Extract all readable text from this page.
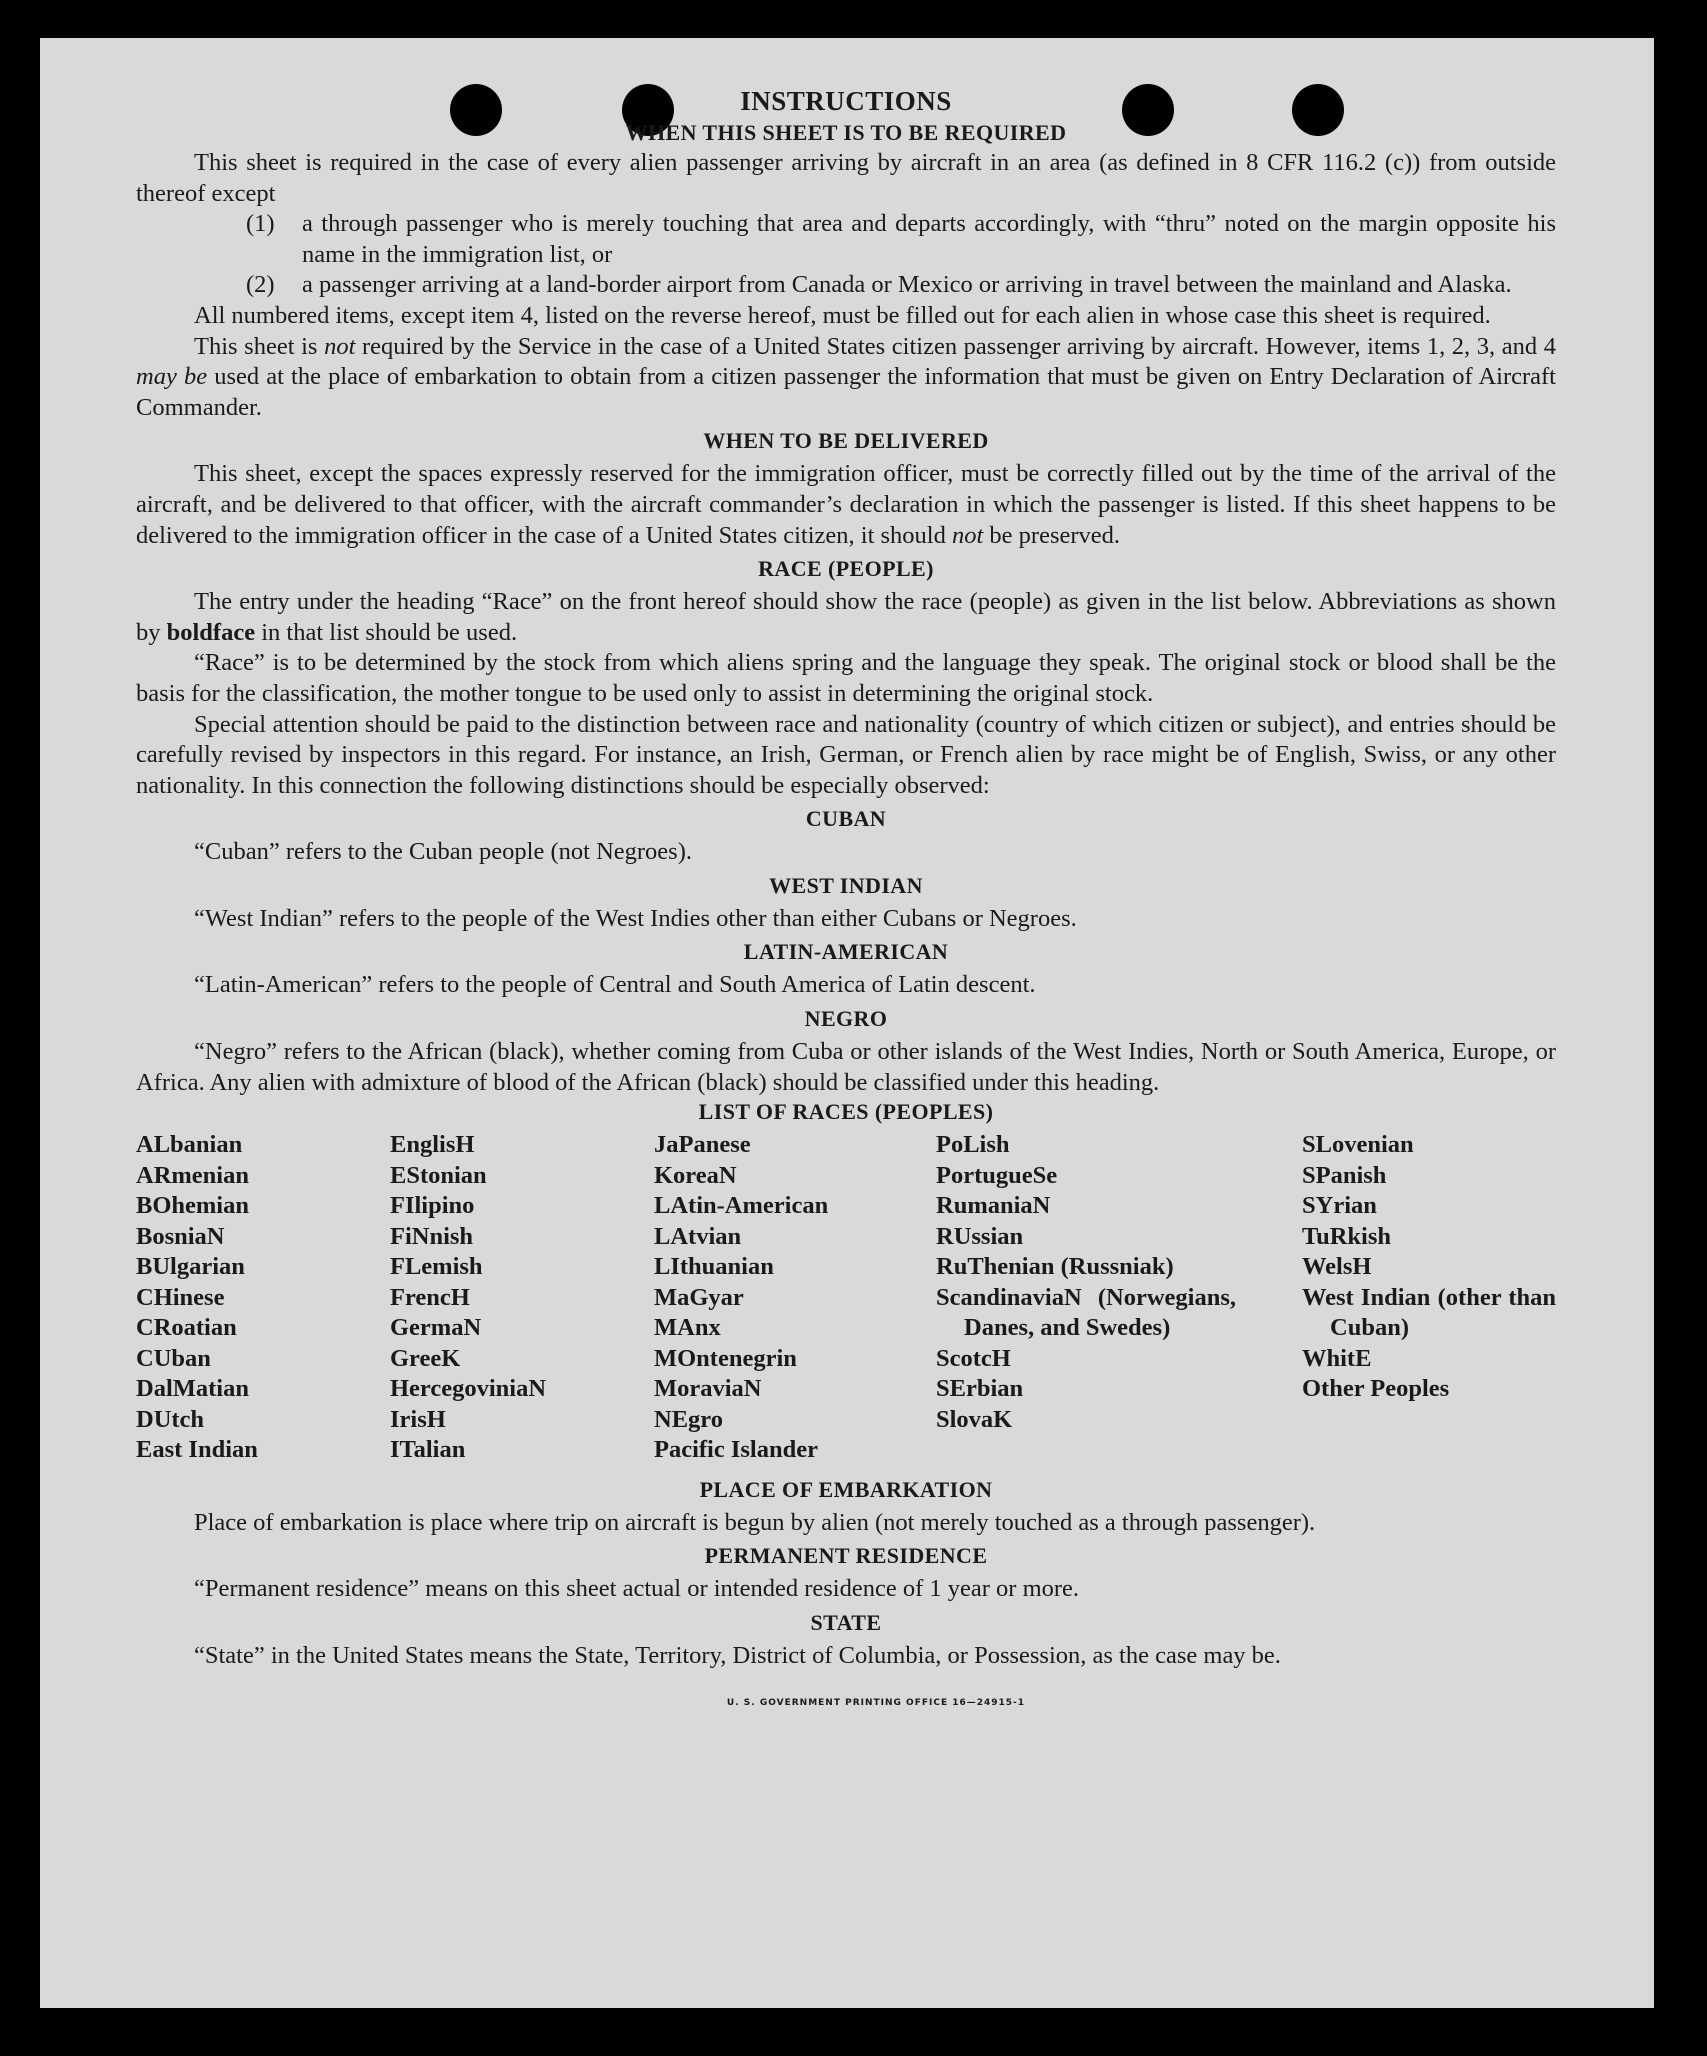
INSTRUCTIONS
WHEN THIS SHEET IS TO BE REQUIRED

This sheet is required in the case of every alien passenger arriving by aircraft in an area (as defined in 8 CFR 116.2 (c)) from outside thereof except

(1)	a through passenger who is merely touching that area and departs accordingly, with “thru” noted on the margin opposite his name in the immigration list, or
(2)	a passenger arriving at a land-border airport from Canada or Mexico or arriving in travel between the mainland and Alaska.

All numbered items, except item 4, listed on the reverse hereof, must be filled out for each alien in whose case this sheet is required.

This sheet is not required by the Service in the case of a United States citizen passenger arriving by aircraft. However, items 1, 2, 3, and 4 may be used at the place of embarkation to obtain from a citizen passenger the information that must be given on Entry Declaration of Aircraft Commander.

WHEN TO BE DELIVERED

This sheet, except the spaces expressly reserved for the immigration officer, must be correctly filled out by the time of the arrival of the aircraft, and be delivered to that officer, with the aircraft commander’s declaration in which the passenger is listed. If this sheet happens to be delivered to the immigration officer in the case of a United States citizen, it should not be preserved.

RACE (PEOPLE)

The entry under the heading “Race” on the front hereof should show the race (people) as given in the list below. Abbreviations as shown by boldface in that list should be used.

“Race” is to be determined by the stock from which aliens spring and the language they speak. The original stock or blood shall be the basis for the classification, the mother tongue to be used only to assist in determining the original stock.

Special attention should be paid to the distinction between race and nationality (country of which citizen or subject), and entries should be carefully revised by inspectors in this regard. For instance, an Irish, German, or French alien by race might be of English, Swiss, or any other nationality. In this connection the following distinctions should be especially observed:

CUBAN

“Cuban” refers to the Cuban people (not Negroes).

WEST INDIAN

“West Indian” refers to the people of the West Indies other than either Cubans or Negroes.

LATIN-AMERICAN

“Latin-American” refers to the people of Central and South America of Latin descent.

NEGRO

“Negro” refers to the African (black), whether coming from Cuba or other islands of the West Indies, North or South America, Europe, or Africa. Any alien with admixture of blood of the African (black) should be classified under this heading.

LIST OF RACES (PEOPLES)
ALbanian
ARmenian
BOhemian
BosniaN
BUlgarian
CHinese
CRoatian
CUban
DalMatian
DUtch
East Indian
EnglisH
EStonian
FIlipino
FiNnish
FLemish
FrencH
GermaN
GreeK
HercegoviniaN
IrisH
ITalian
JaPanese
KoreaN
LAtin-American
LAtvian
LIthuanian
MaGyar
MAnx
MOntenegrin
MoraviaN
NEgro
Pacific Islander
PoLish
PortugueSe
RumaniaN
RUssian
RuThenian (Russniak)
ScandinaviaN (Norwegians, Danes, and Swedes)
ScotcH
SErbian
SlovaK
SLovenian
SPanish
SYrian
TuRkish
WelsH
West Indian (other than Cuban)
WhitE
Other Peoples
PLACE OF EMBARKATION

Place of embarkation is place where trip on aircraft is begun by alien (not merely touched as a through passenger).

PERMANENT RESIDENCE

“Permanent residence” means on this sheet actual or intended residence of 1 year or more.

STATE

“State” in the United States means the State, Territory, District of Columbia, or Possession, as the case may be.

U. S. GOVERNMENT PRINTING OFFICE 16—24915-1
